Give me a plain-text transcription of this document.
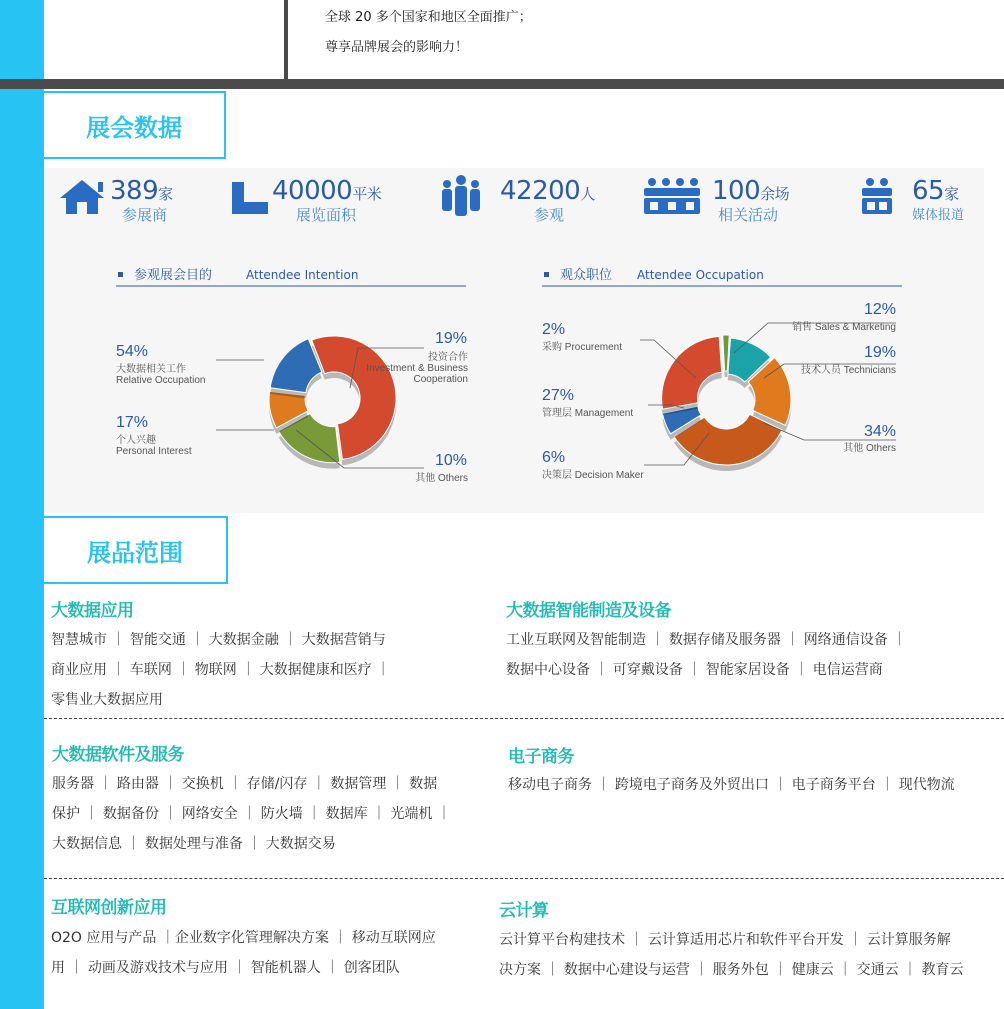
全球 20 多个国家和地区全面推广；
尊享品牌展会的影响力！
展会数据
389家
参展商
40000平米
展览面积
42200人
参观
100余场
相关活动
65家
媒体报道
参观展会目的	Attendee Intention	观众职位 Attendee Occupation
54%
大数据相关工作
Relative Occupation
19%
投资合作
Investment & Business
Cooperation
10%
其他 Others
17%
个人兴趣
Personal Interest
12%
销售 Sales & Marketing
19%
技术人员 Technicians
34%
其他 Others
6%
决策层 Decision Maker
27%
管理层 Management
2%
采购 Procurement
展品范围
大数据应用
智慧城市 ｜ 智能交通 ｜ 大数据金融 ｜ 大数据营销与
商业应用 ｜ 车联网 ｜ 物联网 ｜ 大数据健康和医疗 ｜
零售业大数据应用
大数据智能制造及设备
工业互联网及智能制造 ｜ 数据存储及服务器 ｜ 网络通信设备 ｜
数据中心设备 ｜ 可穿戴设备 ｜ 智能家居设备 ｜ 电信运营商
大数据软件及服务
服务器 ｜ 路由器 ｜ 交换机 ｜ 存储/闪存 ｜ 数据管理 ｜ 数据
保护 ｜ 数据备份 ｜ 网络安全 ｜ 防火墙 ｜ 数据库 ｜ 光端机 ｜
大数据信息 ｜ 数据处理与准备 ｜ 大数据交易
电子商务
移动电子商务 ｜ 跨境电子商务及外贸出口 ｜ 电子商务平台 ｜ 现代物流
互联网创新应用
O2O 应用与产品 ｜企业数字化管理解决方案 ｜ 移动互联网应
用 ｜ 动画及游戏技术与应用 ｜ 智能机器人 ｜ 创客团队
云计算
云计算平台构建技术 ｜ 云计算适用芯片和软件平台开发 ｜ 云计算服务解
决方案 ｜ 数据中心建设与运营 ｜ 服务外包 ｜ 健康云 ｜ 交通云 ｜ 教育云
